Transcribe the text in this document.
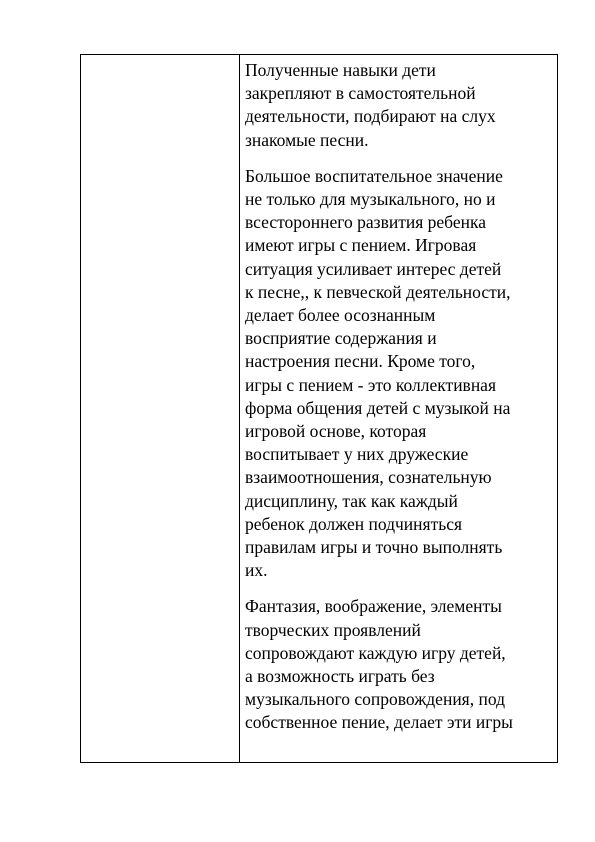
Полученные навыки дети
закрепляют в самостоятельной
деятельности, подбирают на слух
знакомые песни.

Большое воспитательное значение
не только для музыкального, но и
всестороннего развития ребенка
имеют игры с пением. Игровая
ситуация усиливает интерес детей
к песне,, к певческой деятельности,
делает более осознанным
восприятие содержания и
настроения песни. Кроме того,
игры с пением - это коллективная
форма общения детей с музыкой на
игровой основе, которая
воспитывает у них дружеские
взаимоотношения, сознательную
дисциплину, так как каждый
ребенок должен подчиняться
правилам игры и точно выполнять
их.

Фантазия, воображение, элементы
творческих проявлений
сопровождают каждую игру детей,
а возможность играть без
музыкального сопровождения, под
собственное пение, делает эти игры
